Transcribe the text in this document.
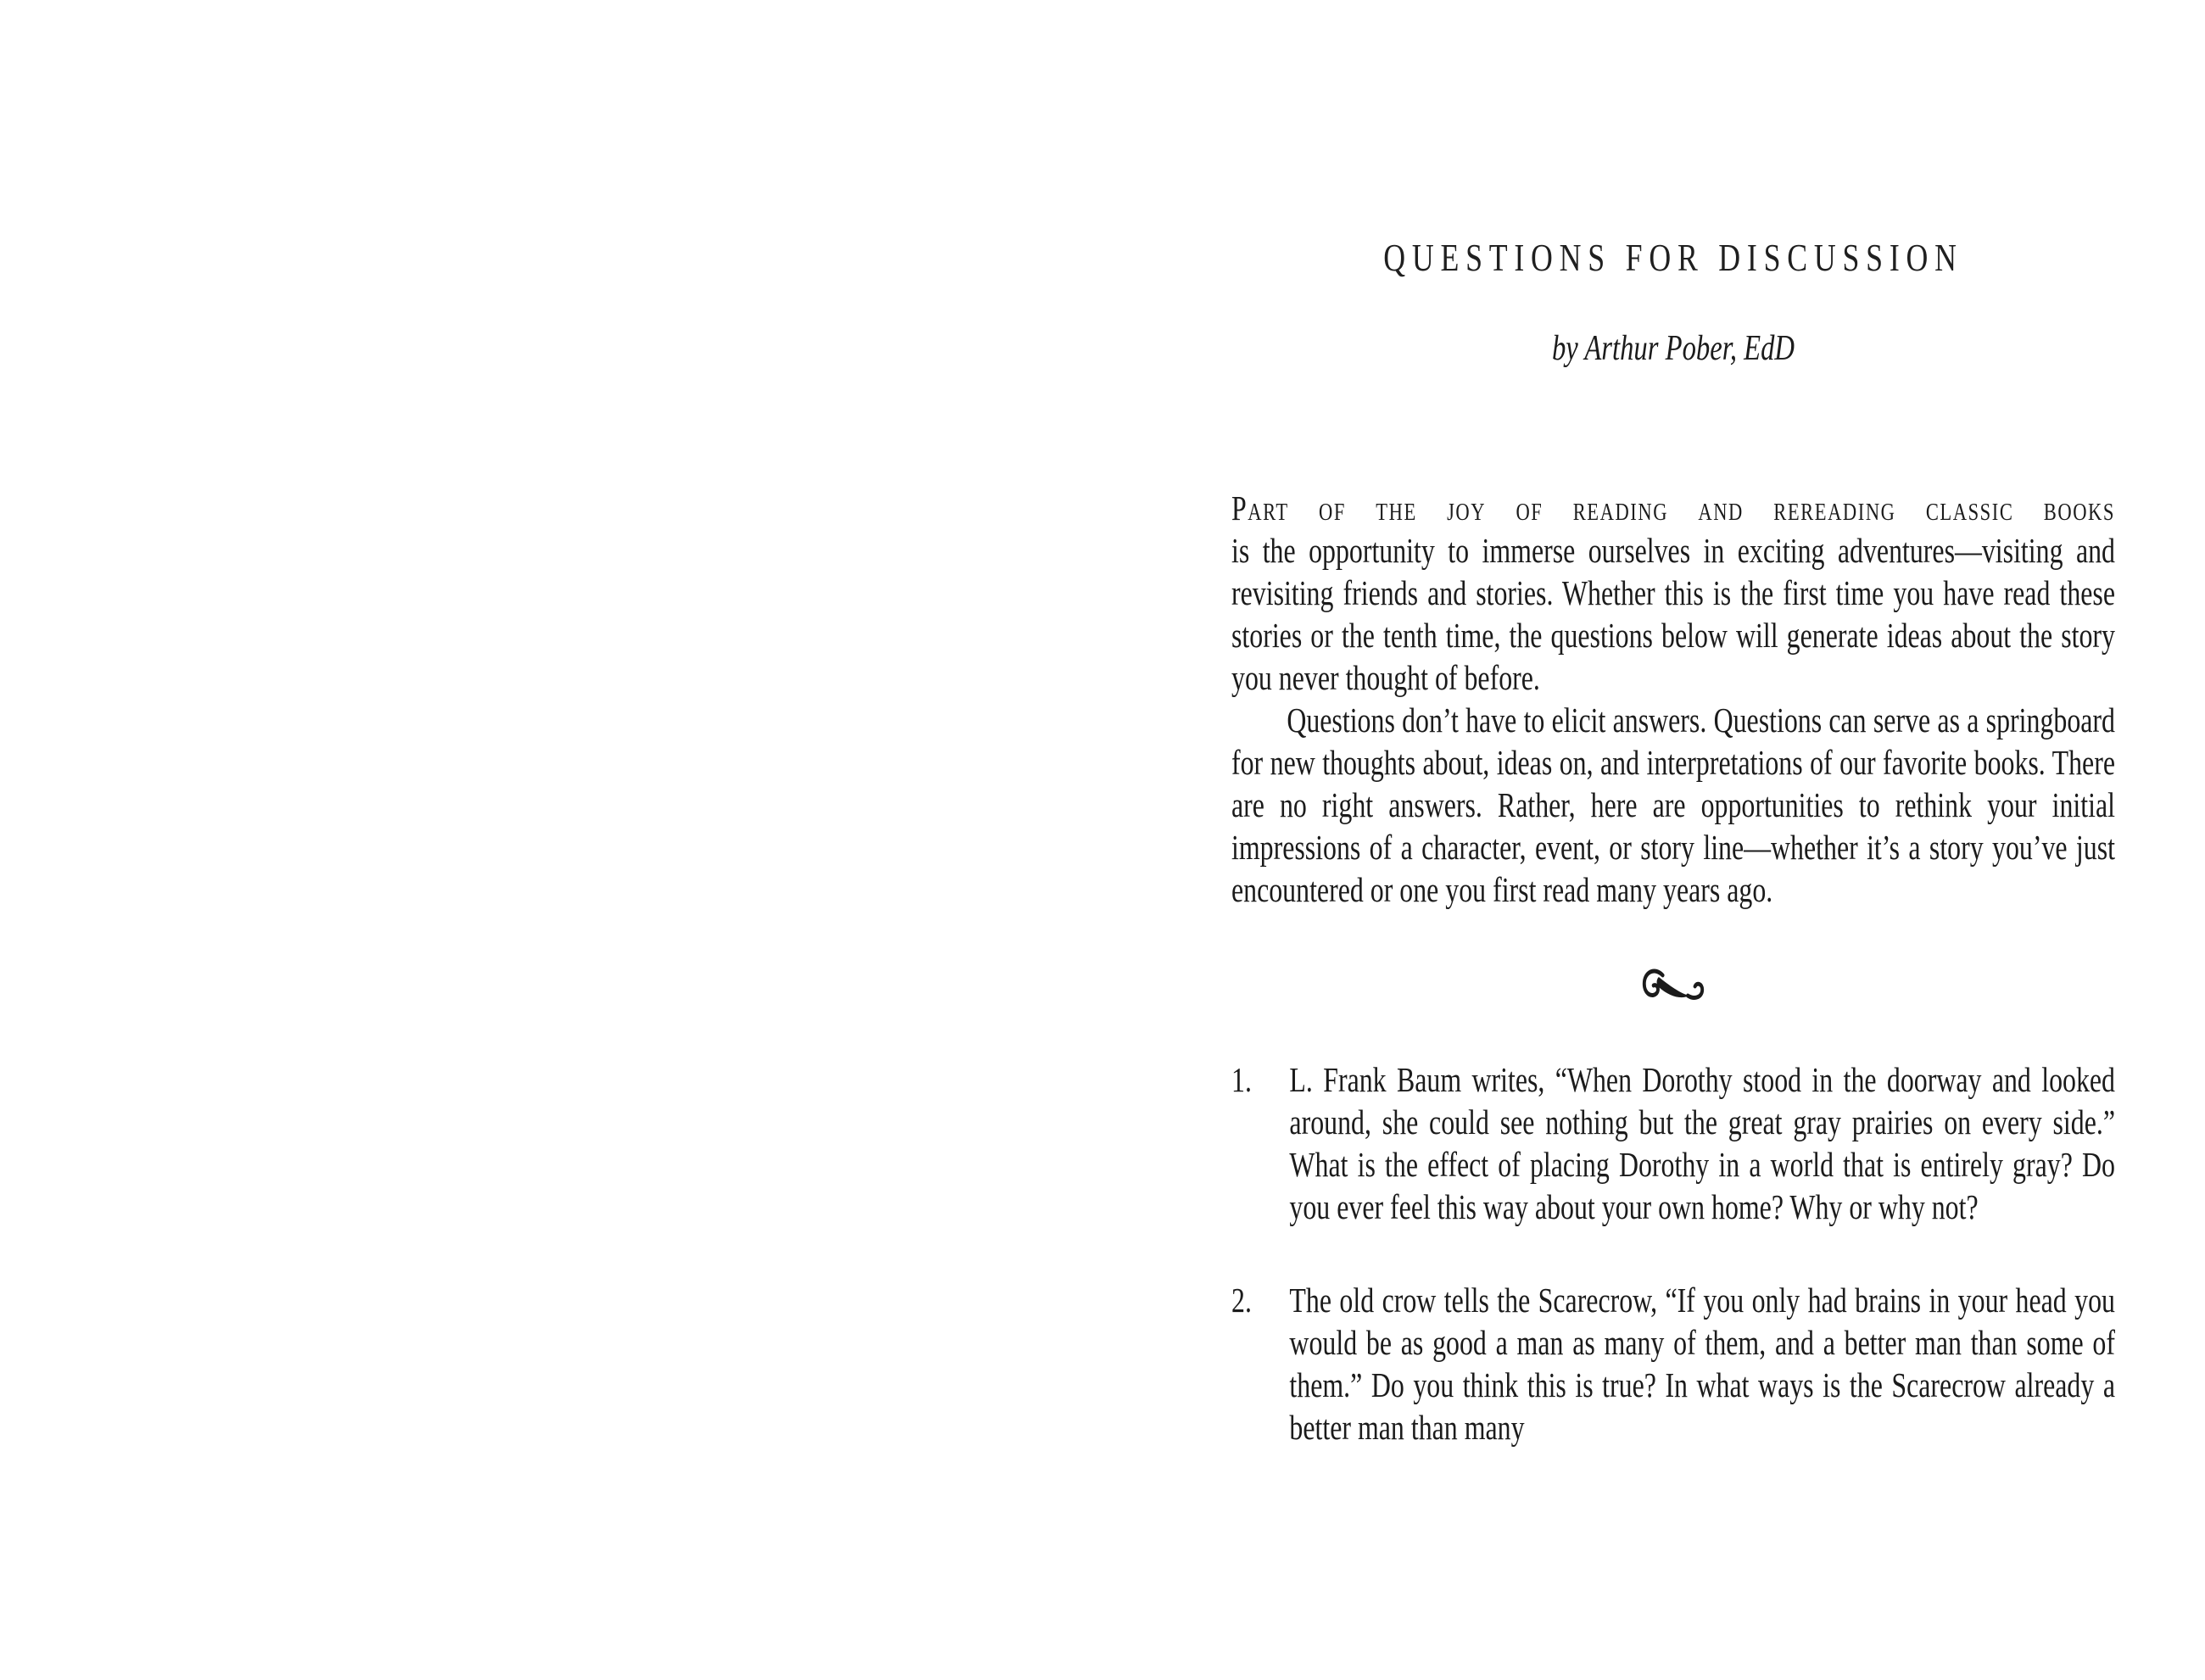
QUESTIONS FOR DISCUSSION

by Arthur Pober, EdD

Part of the joy of reading and rereading classic books
is the opportunity to immerse ourselves in exciting adventures—visiting and revisiting friends and stories. Whether this is the first time you have read these stories or the tenth time, the questions below will generate ideas about the story you never thought of before.

Questions don’t have to elicit answers. Questions can serve as a springboard for new thoughts about, ideas on, and interpretations of our favorite books. There are no right answers. Rather, here are opportunities to rethink your initial impressions of a character, event, or story line—whether it’s a story you’ve just encountered or one you first read many years ago.

1.	L. Frank Baum writes, “When Dorothy stood in the doorway and looked around, she could see nothing but the great gray prairies on every side.” What is the effect of placing Dorothy in a world that is entirely gray? Do you ever feel this way about your own home? Why or why not?
2.	The old crow tells the Scarecrow, “If you only had brains in your head you would be as good a man as many of them, and a better man than some of them.” Do you think this is true? In what ways is the Scarecrow already a better man than many
